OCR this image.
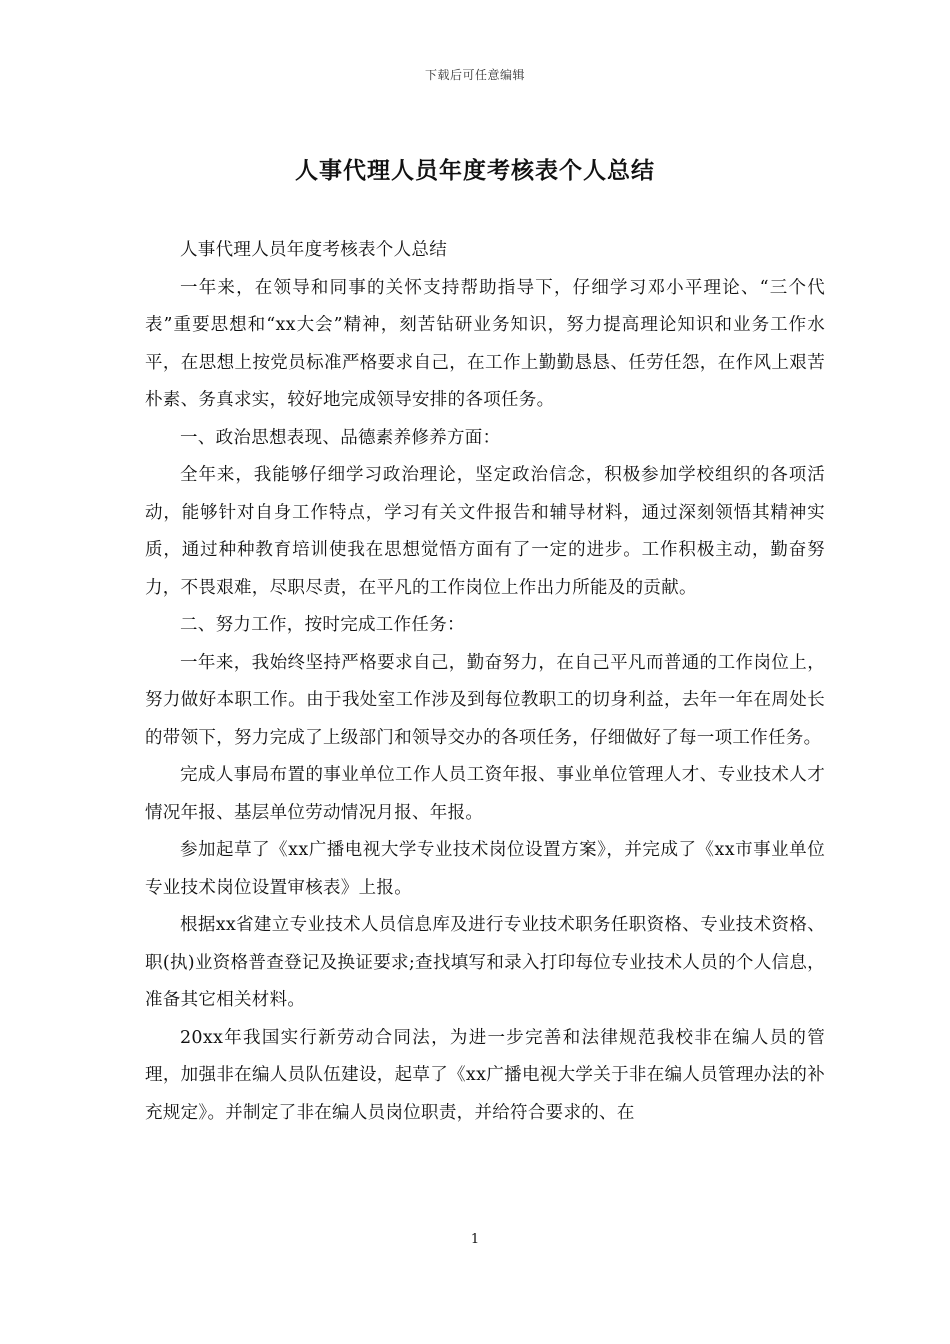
下载后可任意编辑
人事代理人员年度考核表个人总结

人事代理人员年度考核表个人总结

一年来，在领导和同事的关怀支持帮助指导下，仔细学习邓小平理论、“三个代表”重要思想和“xx大会”精神，刻苦钻研业务知识，努力提高理论知识和业务工作水平，在思想上按党员标准严格要求自己，在工作上勤勤恳恳、任劳任怨，在作风上艰苦朴素、务真求实，较好地完成领导安排的各项任务。

一、政治思想表现、品德素养修养方面：

全年来，我能够仔细学习政治理论，坚定政治信念，积极参加学校组织的各项活动，能够针对自身工作特点，学习有关文件报告和辅导材料，通过深刻领悟其精神实质，通过种种教育培训使我在思想觉悟方面有了一定的进步。工作积极主动，勤奋努力，不畏艰难，尽职尽责，在平凡的工作岗位上作出力所能及的贡献。

二、努力工作，按时完成工作任务：

一年来，我始终坚持严格要求自己，勤奋努力，在自己平凡而普通的工作岗位上，努力做好本职工作。由于我处室工作涉及到每位教职工的切身利益，去年一年在周处长的带领下，努力完成了上级部门和领导交办的各项任务，仔细做好了每一项工作任务。

完成人事局布置的事业单位工作人员工资年报、事业单位管理人才、专业技术人才情况年报、基层单位劳动情况月报、年报。

参加起草了《xx广播电视大学专业技术岗位设置方案》，并完成了《xx市事业单位专业技术岗位设置审核表》上报。

根据xx省建立专业技术人员信息库及进行专业技术职务任职资格、专业技术资格、职(执)业资格普查登记及换证要求;查找填写和录入打印每位专业技术人员的个人信息，准备其它相关材料。

20xx年我国实行新劳动合同法，为进一步完善和法律规范我校非在编人员的管理，加强非在编人员队伍建设，起草了《xx广播电视大学关于非在编人员管理办法的补充规定》。并制定了非在编人员岗位职责，并给符合要求的、在

1
